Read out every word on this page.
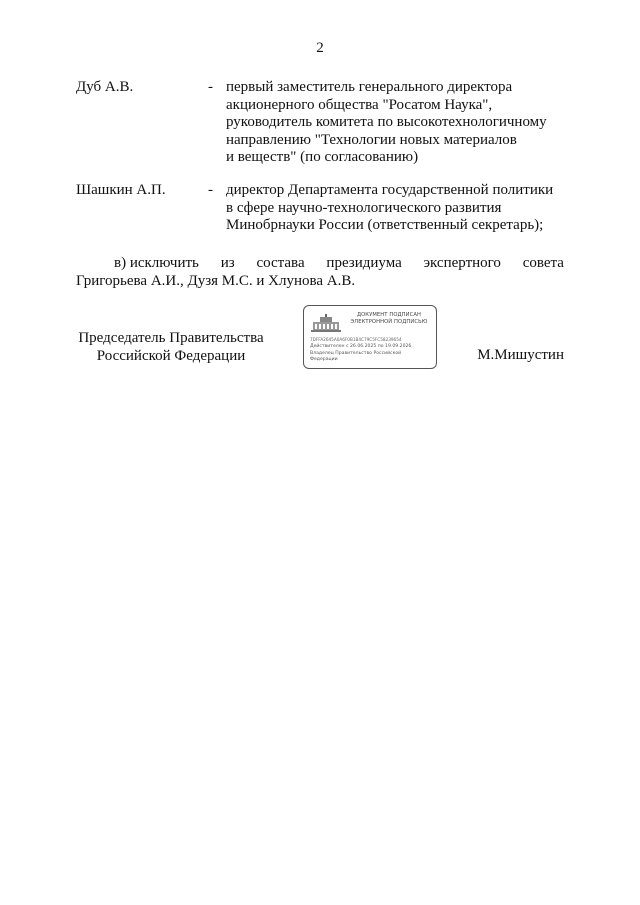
2
Дуб А.В.	- первый заместитель генерального директора
акционерного общества "Росатом Наука",
руководитель комитета по высокотехнологичному
направлению "Технологии новых материалов
и веществ" (по согласованию)
Шашкин А.П.	- директор Департамента государственной политики
в сфере научно-технологического развития
Минобрнауки России (ответственный секретарь);
в) исключить из состава президиума экспертного совета
Григорьева А.И., Дузя М.С. и Хлунова А.В.
Председатель Правительства
Российской Федерации
ДОКУМЕНТ ПОДПИСАН
ЭЛЕКТРОННОЙ ПОДПИСЬЮ
7DFFA2645A0A6F0B1B4C79C5FC58239654
Действителен с 26.06.2025 по 19.09.2026
Владелец Правительство Российской
Федерации	М.Мишустин
